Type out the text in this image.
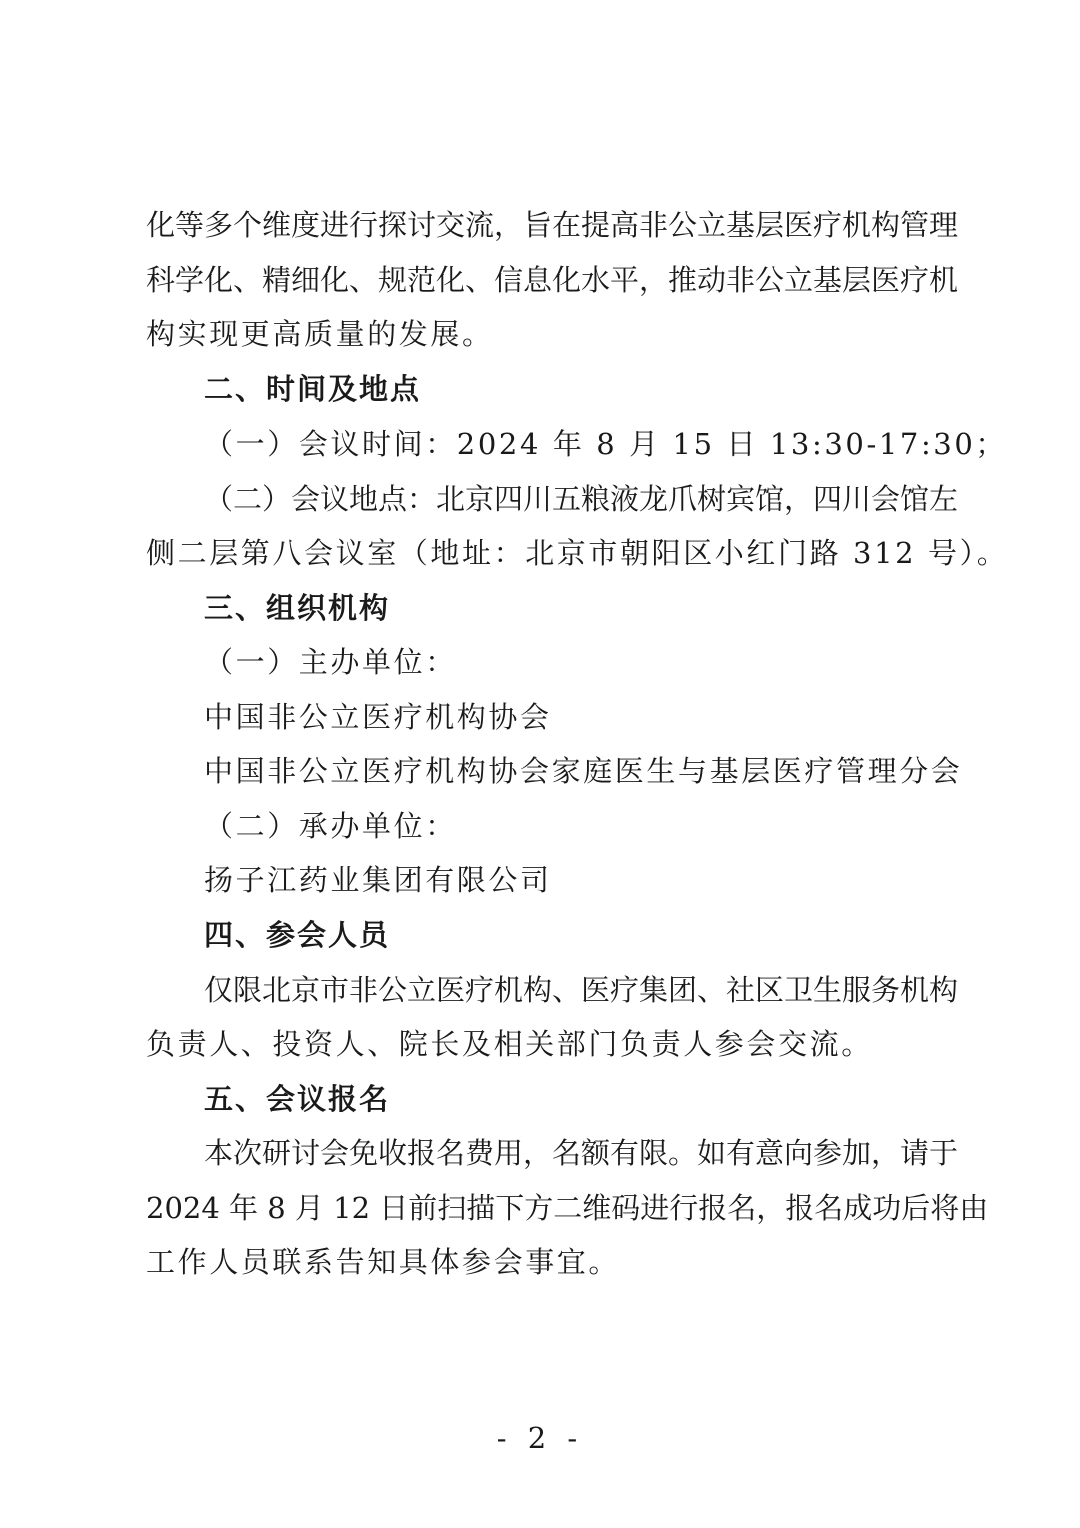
化等多个维度进行探讨交流，旨在提高非公立基层医疗机构管理
科学化、精细化、规范化、信息化水平，推动非公立基层医疗机
构实现更高质量的发展。
二、时间及地点
（一）会议时间：2024 年 8 月 15 日 13:30-17:30；
（二）会议地点：北京四川五粮液龙爪树宾馆，四川会馆左
侧二层第八会议室（地址：北京市朝阳区小红门路 312 号）。
三、组织机构
（一）主办单位：
中国非公立医疗机构协会
中国非公立医疗机构协会家庭医生与基层医疗管理分会
（二）承办单位：
扬子江药业集团有限公司
四、参会人员
仅限北京市非公立医疗机构、医疗集团、社区卫生服务机构
负责人、投资人、院长及相关部门负责人参会交流。
五、会议报名
本次研讨会免收报名费用，名额有限。如有意向参加，请于
2024 年 8 月 12 日前扫描下方二维码进行报名，报名成功后将由
工作人员联系告知具体参会事宜。
- 2 -
